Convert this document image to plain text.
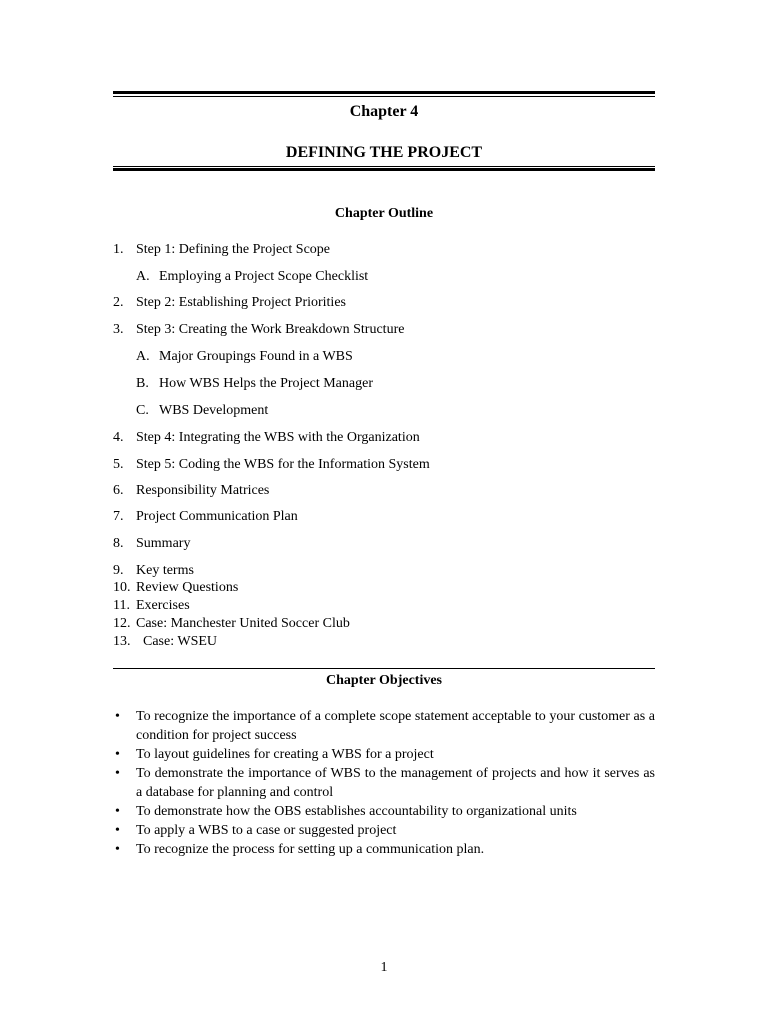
Chapter 4
DEFINING THE PROJECT
Chapter Outline
1. Step 1: Defining the Project Scope
A. Employing a Project Scope Checklist
2. Step 2: Establishing Project Priorities
3. Step 3: Creating the Work Breakdown Structure
A. Major Groupings Found in a WBS
B. How WBS Helps the Project Manager
C. WBS Development
4. Step 4: Integrating the WBS with the Organization
5. Step 5: Coding the WBS for the Information System
6. Responsibility Matrices
7. Project Communication Plan
8. Summary
9. Key terms
10. Review Questions
11. Exercises
12. Case: Manchester United Soccer Club
13. Case: WSEU
Chapter Objectives
• To recognize the importance of a complete scope statement acceptable to your customer as a condition for project success
• To layout guidelines for creating a WBS for a project
• To demonstrate the importance of WBS to the management of projects and how it serves as a database for planning and control
• To demonstrate how the OBS establishes accountability to organizational units
• To apply a WBS to a case or suggested project
• To recognize the process for setting up a communication plan.
1
